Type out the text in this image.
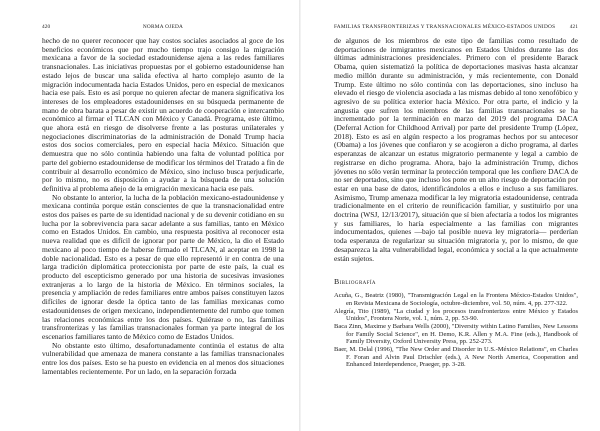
420	NORMA OJEDA

hecho de no querer reconocer que hay costos sociales asociados al goce de los beneficios económicos que por mucho tiempo trajo consigo la migración mexicana a favor de la sociedad estadounidense ajena a las redes familiares transnacionales. Las iniciativas propuestas por el gobierno estadounidense han estado lejos de buscar una salida efectiva al harto complejo asunto de la migración indocumentada hacia Estados Unidos, pero en especial de mexicanos hacia ese país. Esto es así porque no quieren afectar de manera significativa los intereses de los empleadores estadounidenses en su búsqueda permanente de mano de obra barata a pesar de existir un acuerdo de cooperación e intercambio económico al firmar el TLCAN con México y Canadá. Programa, este último, que ahora está en riesgo de disolverse frente a las posturas unilaterales y negociaciones discriminatorias de la administración de Donald Trump hacia estos dos socios comerciales, pero en especial hacia México. Situación que demuestra que no sólo continúa habiendo una falta de voluntad política por parte del gobierno estadounidense de modificar los términos del Tratado a fin de contribuir al desarrollo económico de México, sino incluso busca perjudicarle, por lo mismo, no es disposición a ayudar a la búsqueda de una solución definitiva al problema añejo de la emigración mexicana hacia ese país.

No obstante lo anterior, la lucha de la población mexicano-estadounidense y mexicana continúa porque están conscientes de que la transnacionalidad entre estos dos países es parte de su identidad nacional y de su devenir cotidiano en su lucha por la sobrevivencia para sacar adelante a sus familias, tanto en México como en Estados Unidos. En cambio, una respuesta positiva al reconocer esta nueva realidad que es difícil de ignorar por parte de México, la dio el Estado mexicano al poco tiempo de haberse firmado el TLCAN, al aceptar en 1998 la doble nacionalidad. Esto es a pesar de que ello representó ir en contra de una larga tradición diplomática proteccionista por parte de este país, la cual es producto del escepticismo generado por una historia de sucesivas invasiones extranjeras a lo largo de la historia de México. En términos sociales, la presencia y ampliación de redes familiares entre ambos países constituyen lazos difíciles de ignorar desde la óptica tanto de las familias mexicanas como estadounidenses de origen mexicano, independientemente del rumbo que tomen las relaciones económicas entre los dos países. Quiérase o no, las familias transfronterizas y las familias transnacionales forman ya parte integral de los escenarios familiares tanto de México como de Estados Unidos.

No obstante esto último, desafortunadamente continúa el estatus de alta vulnerabilidad que amenaza de manera constante a las familias transnacionales entre los dos países. Esto se ha puesto en evidencia en al menos dos situaciones lamentables recientemente. Por un lado, en la separación forzada

FAMILIAS TRANSFRONTERIZAS Y TRANSNACIONALES MÉXICO-ESTADOS UNIDOS	421

de algunos de los miembros de este tipo de familias como resultado de deportaciones de inmigrantes mexicanos en Estados Unidos durante las dos últimas administraciones presidenciales. Primero con el presidente Barack Obama, quien sistematizó la política de deportaciones masivas hasta alcanzar medio millón durante su administración, y más recientemente, con Donald Trump. Este último no sólo continúa con las deportaciones, sino incluso ha elevado el riesgo de violencia asociada a las mismas debido al tono xenofóbico y agresivo de su política exterior hacia México. Por otra parte, el indicio y la angustia que sufren los miembros de las familias transnacionales se ha incrementado por la terminación en marzo del 2019 del programa DACA (Deferral Action for Childhood Arrival) por parte del presidente Trump (López, 2018). Esto es así en algún respecto a los programas hechos por su antecesor (Obama) a los jóvenes que confiaron y se acogieron a dicho programa, al darles esperanzas de alcanzar un estatus migratorio permanente y legal a cambio de registrarse en dicho programa. Ahora, bajo la administración Trump, dichos jóvenes no sólo verán terminar la protección temporal que les confiere DACA de no ser deportados, sino que incluso los pone en un alto riesgo de deportación por estar en una base de datos, identificándolos a ellos e incluso a sus familiares. Asimismo, Trump amenaza modificar la ley migratoria estadounidense, centrada tradicionalmente en el criterio de reunificación familiar, y sustituirlo por una doctrina (WSJ, 12/13/2017), situación que sí bien afectaría a todos los migrantes y sus familiares, lo haría especialmente a las familias con migrantes indocumentados, quienes —bajo tal posible nueva ley migratoria— perderían toda esperanza de regularizar su situación migratoria y, por lo mismo, de que desaparezca la alta vulnerabilidad legal, económica y social a la que actualmente están sujetos.

Bibliografía

Acuña, G., Beatriz (1980), "Transmigración Legal en la Frontera México-Estados Unidos", en Revista Mexicana de Sociología, octubre-diciembre, vol. 50, núm. 4, pp. 277-322.

Alegría, Tito (1989), "La ciudad y los procesos transfronterizos entre México y Estados Unidos", Frontera Norte, vol. 1, núm. 2, pp. 53-90.

Baca Zinn, Maxime y Barbara Wells (2000), "Diversity within Latino Families, New Lessons for Family Social Science", en H. Demo, K.R. Allen y M.A. Fine (eds.), Handbook of Family Diversity, Oxford University Press, pp. 252-273.

Baer, M. Delal (1996), "The New Order and Disorder in U.S.-México Relations", en Charles F. Foran and Alvin Paul Drischler (eds.), A New North America, Cooperation and Enhanced Interdependence, Praeger, pp. 3-28.
